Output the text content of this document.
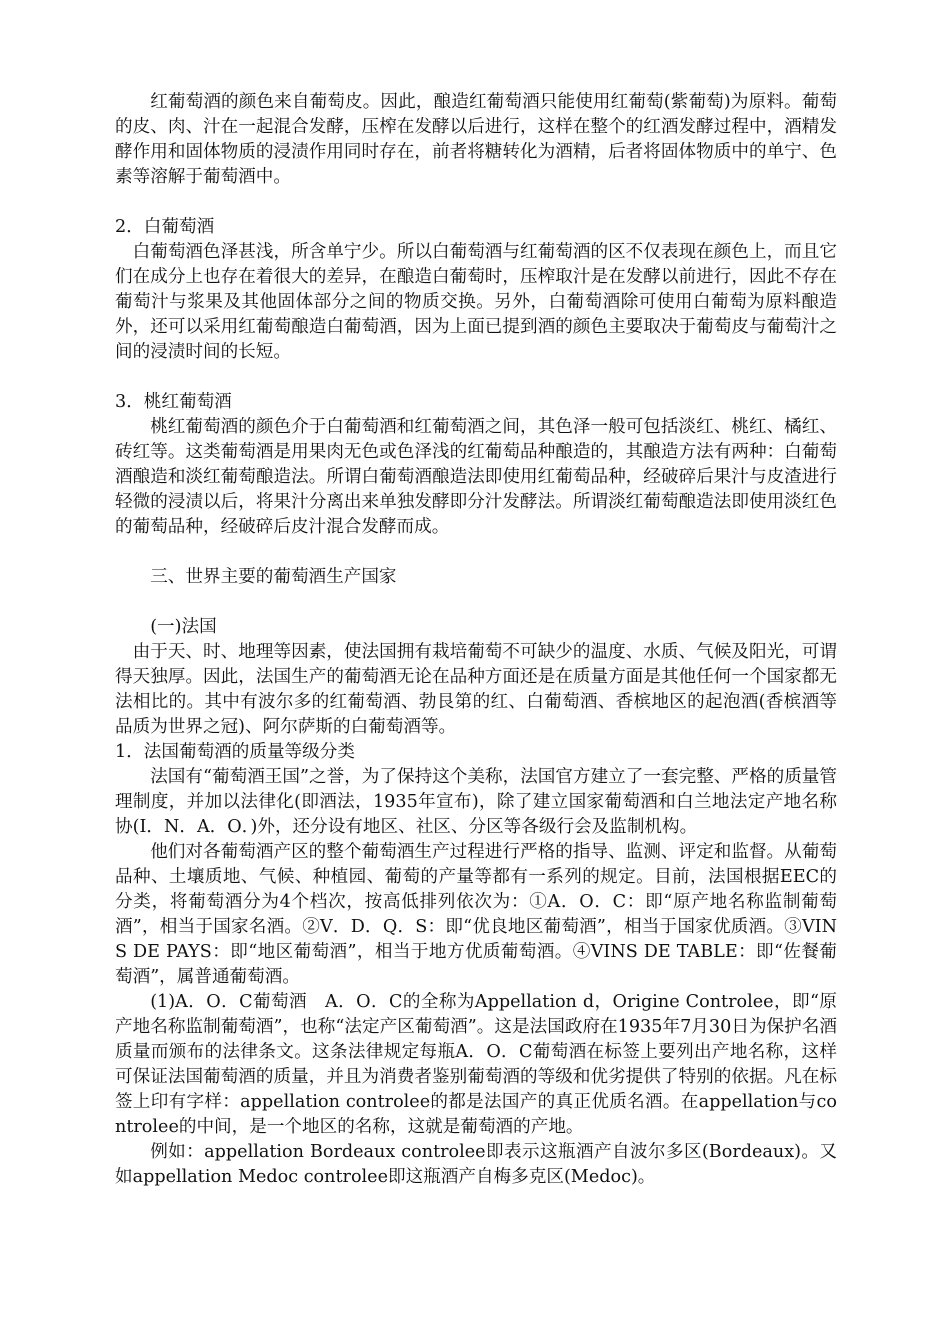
红葡萄酒的颜色来自葡萄皮。因此，酿造红葡萄酒只能使用红葡萄(紫葡萄)为原料。葡萄的皮、肉、汁在一起混合发酵，压榨在发酵以后进行，这样在整个的红酒发酵过程中，酒精发酵作用和固体物质的浸渍作用同时存在，前者将糖转化为酒精，后者将固体物质中的单宁、色素等溶解于葡萄酒中。

2．白葡萄酒

白葡萄酒色泽甚浅，所含单宁少。所以白葡萄酒与红葡萄酒的区不仅表现在颜色上，而且它们在成分上也存在着很大的差异，在酿造白葡萄时，压榨取汁是在发酵以前进行，因此不存在葡萄汁与浆果及其他固体部分之间的物质交换。另外，白葡萄酒除可使用白葡萄为原料酿造外，还可以采用红葡萄酿造白葡萄酒，因为上面已提到酒的颜色主要取决于葡萄皮与葡萄汁之间的浸渍时间的长短。

3．桃红葡萄酒

桃红葡萄酒的颜色介于白葡萄酒和红葡萄酒之间，其色泽一般可包括淡红、桃红、橘红、砖红等。这类葡萄酒是用果肉无色或色泽浅的红葡萄品种酿造的，其酿造方法有两种：白葡萄酒酿造和淡红葡萄酿造法。所谓白葡萄酒酿造法即使用红葡萄品种，经破碎后果汁与皮渣进行轻微的浸渍以后，将果汁分离出来单独发酵即分汁发酵法。所谓淡红葡萄酿造法即使用淡红色的葡萄品种，经破碎后皮汁混合发酵而成。

三、世界主要的葡萄酒生产国家

(一)法国

由于天、时、地理等因素，使法国拥有栽培葡萄不可缺少的温度、水质、气候及阳光，可谓得天独厚。因此，法国生产的葡萄酒无论在品种方面还是在质量方面是其他任何一个国家都无法相比的。其中有波尔多的红葡萄酒、勃艮第的红、白葡萄酒、香槟地区的起泡酒(香槟酒等品质为世界之冠)、阿尔萨斯的白葡萄酒等。

1．法国葡萄酒的质量等级分类

法国有“葡萄酒王国”之誉，为了保持这个美称，法国官方建立了一套完整、严格的质量管理制度，并加以法律化(即酒法，1935年宣布)，除了建立国家葡萄酒和白兰地法定产地名称协(I．N．A．O．)外，还分设有地区、社区、分区等各级行会及监制机构。

他们对各葡萄酒产区的整个葡萄酒生产过程进行严格的指导、监测、评定和监督。从葡萄品种、土壤质地、气候、种植园、葡萄的产量等都有一系列的规定。目前，法国根据EEC的分类，将葡萄酒分为4个档次，按高低排列依次为：①A．O．C：即“原产地名称监制葡萄酒”，相当于国家名酒。②V．D．Q．S：即“优良地区葡萄酒”，相当于国家优质酒。③VINS DE PAYS：即“地区葡萄酒”，相当于地方优质葡萄酒。④VINS DE TABLE：即“佐餐葡萄酒”，属普通葡萄酒。

(1)A．O．C葡萄酒　A．O．C的全称为Appellation d，Origine Controlee，即“原产地名称监制葡萄酒”，也称“法定产区葡萄酒”。这是法国政府在1935年7月30日为保护名酒质量而颁布的法律条文。这条法律规定每瓶A．O．C葡萄酒在标签上要列出产地名称，这样可保证法国葡萄酒的质量，并且为消费者鉴别葡萄酒的等级和优劣提供了特别的依据。凡在标签上印有字样：appellation controlee的都是法国产的真正优质名酒。在appellation与controlee的中间，是一个地区的名称，这就是葡萄酒的产地。

例如：appellation Bordeaux controlee即表示这瓶酒产自波尔多区(Bordeaux)。又如appellation Medoc controlee即这瓶酒产自梅多克区(Medoc)。
